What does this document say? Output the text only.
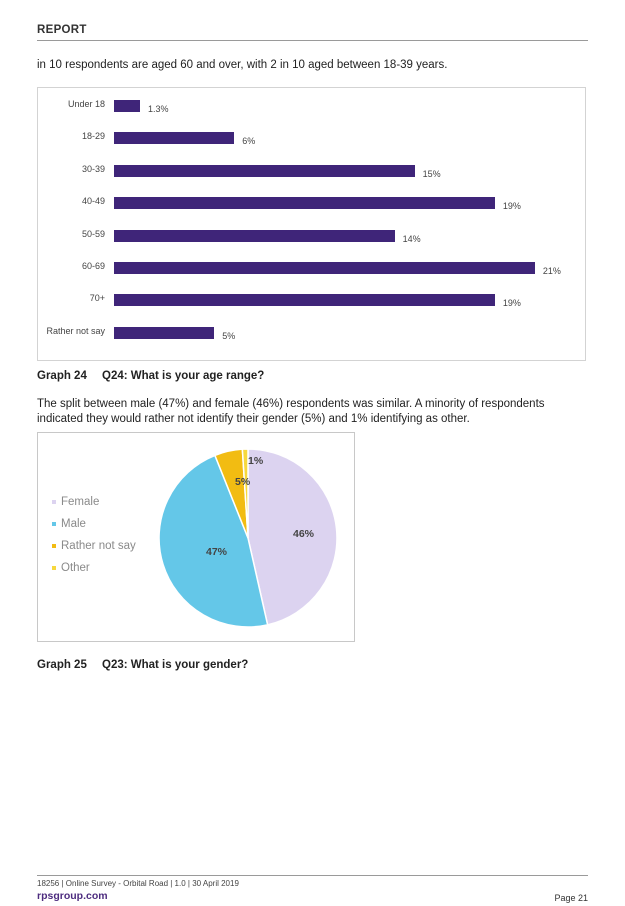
REPORT
in 10 respondents are aged 60 and over, with 2 in 10 aged between 18-39 years.
Under 18	1.3%
18-29	6%
30-39	15%
40-49	19%
50-59	14%
60-69	21%
70+	19%
Rather not say	5%
Graph 24 Q24: What is your age range?
The split between male (47%) and female (46%) respondents was similar. A minority of respondents indicated they would rather not identify their gender (5%) and 1% identifying as other.
46%
47%
5%
1%
Female
Male
Rather not say
Other
Graph 25 Q23: What is your gender?
18256 | Online Survey - Orbital Road | 1.0 | 30 April 2019
rpsgroup.com	Page 21
